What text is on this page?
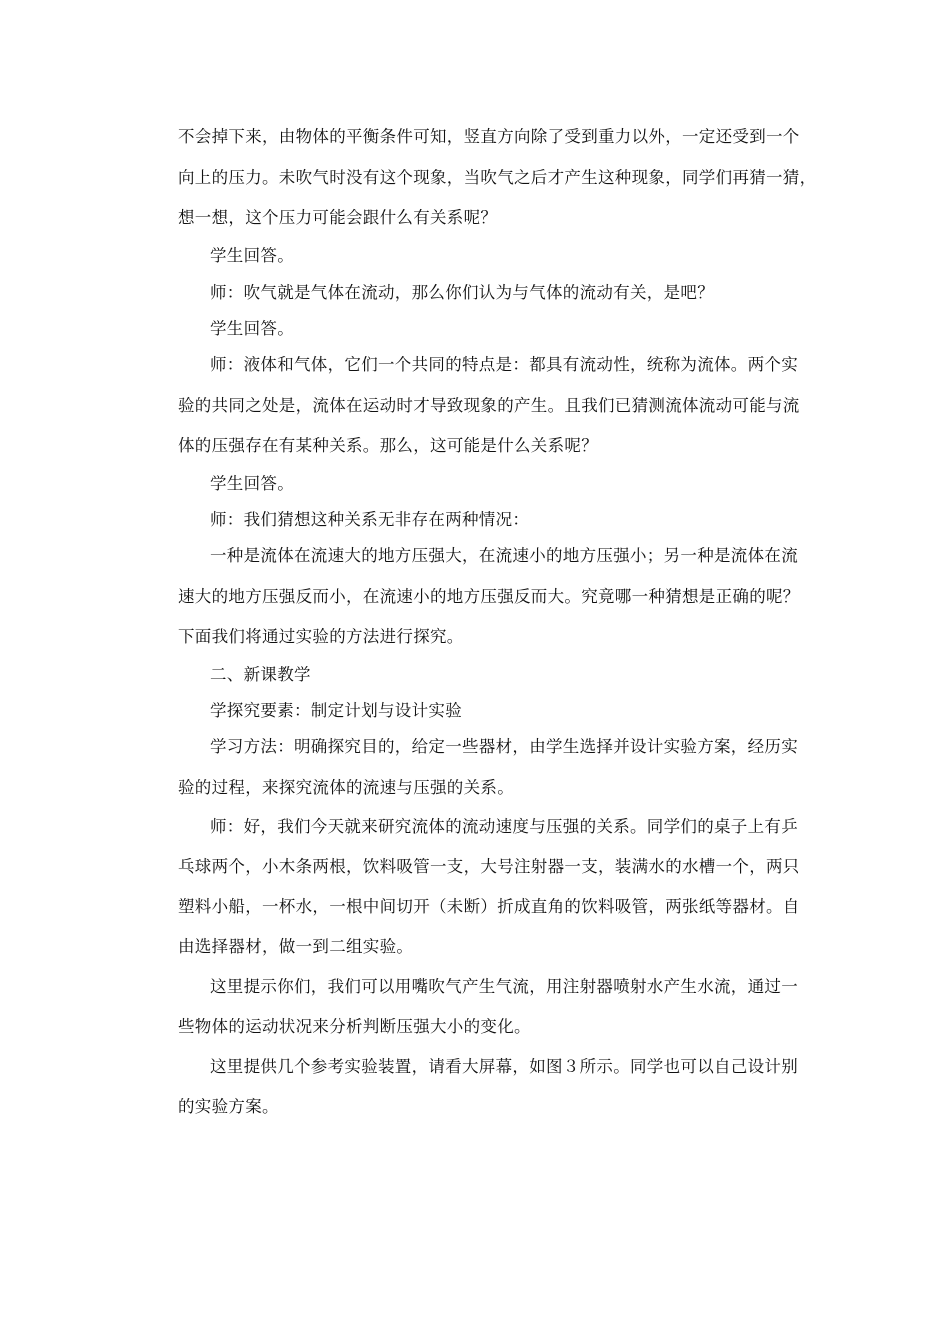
不会掉下来，由物体的平衡条件可知，竖直方向除了受到重力以外，一定还受到一个
向上的压力。未吹气时没有这个现象，当吹气之后才产生这种现象，同学们再猜一猜，
想一想，这个压力可能会跟什么有关系呢？
学生回答。
师：吹气就是气体在流动，那么你们认为与气体的流动有关，是吧？
学生回答。
师：液体和气体，它们一个共同的特点是：都具有流动性，统称为流体。两个实
验的共同之处是，流体在运动时才导致现象的产生。且我们已猜测流体流动可能与流
体的压强存在有某种关系。那么，这可能是什么关系呢？
学生回答。
师：我们猜想这种关系无非存在两种情况：
一种是流体在流速大的地方压强大，在流速小的地方压强小；另一种是流体在流
速大的地方压强反而小，在流速小的地方压强反而大。究竟哪一种猜想是正确的呢？
下面我们将通过实验的方法进行探究。
二、新课教学
学探究要素：制定计划与设计实验
学习方法：明确探究目的，给定一些器材，由学生选择并设计实验方案，经历实
验的过程，来探究流体的流速与压强的关系。
师：好，我们今天就来研究流体的流动速度与压强的关系。同学们的桌子上有乒
乓球两个，小木条两根，饮料吸管一支，大号注射器一支，装满水的水槽一个，两只
塑料小船，一杯水，一根中间切开（未断）折成直角的饮料吸管，两张纸等器材。自
由选择器材，做一到二组实验。
这里提示你们，我们可以用嘴吹气产生气流，用注射器喷射水产生水流，通过一
些物体的运动状况来分析判断压强大小的变化。
这里提供几个参考实验装置，请看大屏幕，如图３所示。同学也可以自己设计别
的实验方案。
